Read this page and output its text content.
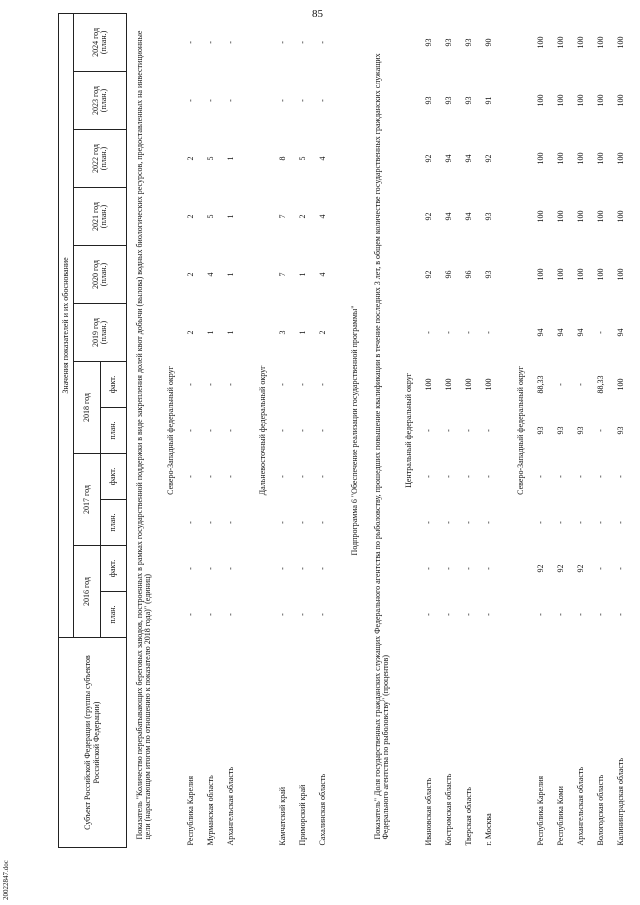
85
20022847.doc
Субъект Российской Федерации (группы субъектов Российской Федерации)	Значения показателей и их обоснование											
	2016 год		2017 год		2018 год		2019 год (план.)	2020 год (план.)	2021 год (план.)	2022 год (план.)	2023 год (план.)	2024 год (план.)
	план.	факт.	план.	факт.	план.	факт.						
Показатель "Количество перерабатывающих береговых заводов, построенных в рамках государственной поддержки в виде закрепления долей квот добычи (вылова) водных биологических ресурсов, предоставленных на инвестиционные цели (нарастающим итогом по отношению к показателю 2018 года)" (единиц)												
Северо-Западный федеральный округ												
Республика Карелия	-	-	-	-	-	-	2	2	2	2	-	-
Мурманская область	-	-	-	-	-	-	1	4	5	5	-	-
Архангельская область	-	-	-	-	-	-	1	1	1	1	-	-

Дальневосточный федеральный округ												
Камчатский край	-	-	-	-	-	-	3	7	7	8	-	-
Приморский край	-	-	-	-	-	-	1	1	2	5	-	-
Сахалинская область	-	-	-	-	-	-	2	4	4	4	-	-

Подпрограмма 6 "Обеспечение реализации государственной программы"												
Показатель" Доля государственных гражданских служащих Федерального агентства по рыболовству, прошедших повышение квалификации в течение последних 3 лет, в общем количестве государственных гражданских служащих Федерального агентства по рыболовству" (процентов)												
Центральный федеральный округ												
Ивановская область	-	-	-	-	-	100	-	92	92	92	93	93
Костромская область	-	-	-	-	-	100	-	96	94	94	93	93
Тверская область	-	-	-	-	-	100	-	96	94	94	93	93
г. Москва	-	-	-	-	-	100	-	93	93	92	91	90

Северо-Западный федеральный округ												
Республика Карелия	-	92	-	-	93	88,33	94	100	100	100	100	100
Республика Коми	-	92	-	-	93	-	94	100	100	100	100	100
Архангельская область	-	92	-	-	93	-	94	100	100	100	100	100
Вологодская область	-	-	-	-	-	88,33	-	100	100	100	100	100
Калининградская область	-	-	-	-	93	100	94	100	100	100	100	100
